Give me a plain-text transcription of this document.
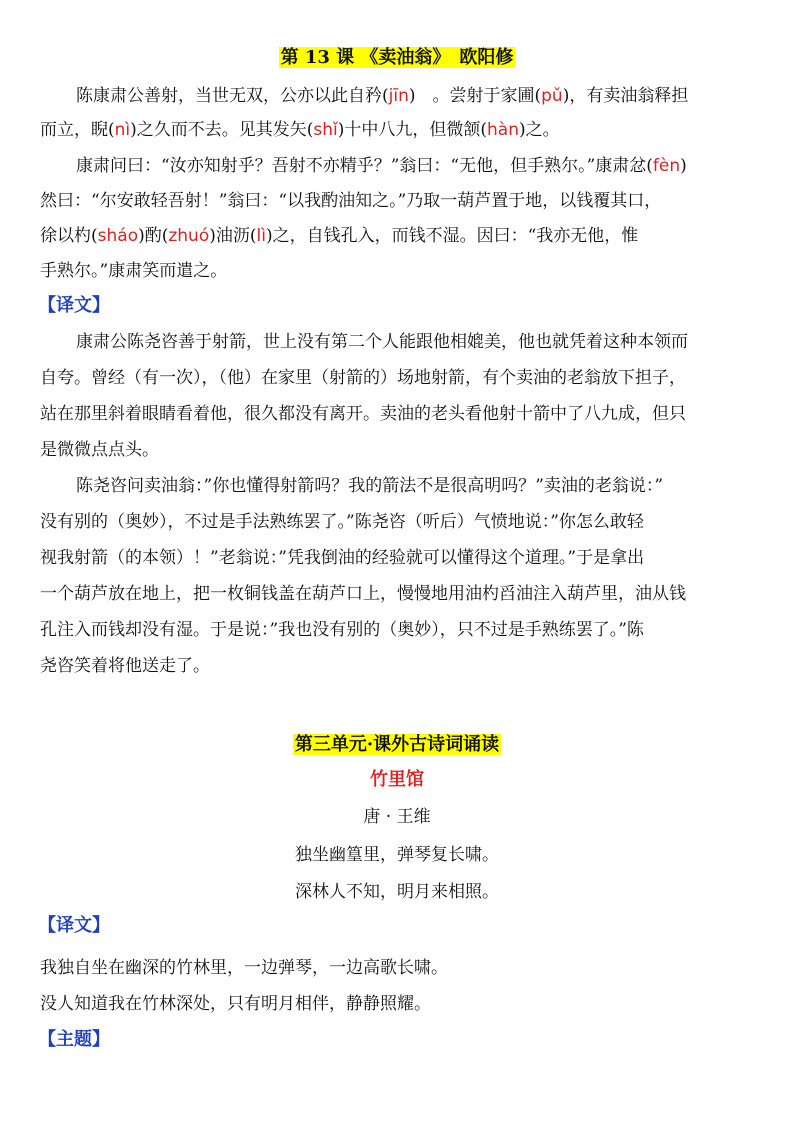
第 13 课 《卖油翁》　欧阳修
陈康肃公善射，当世无双，公亦以此自矜(jīn)　。尝射于家圃(pǔ)，有卖油翁释担
而立，睨(nì)之久而不去。见其发矢(shǐ)十中八九，但微颔(hàn)之。
康肃问曰：“汝亦知射乎？吾射不亦精乎？”翁曰：“无他，但手熟尔。”康肃忿(fèn)
然曰：“尔安敢轻吾射！”翁曰：“以我酌油知之。”乃取一葫芦置于地，以钱覆其口，
徐以杓(sháo)酌(zhuó)油沥(lì)之，自钱孔入，而钱不湿。因曰：“我亦无他，惟
手熟尔。”康肃笑而遣之。
【译文】
康肃公陈尧咨善于射箭，世上没有第二个人能跟他相媲美，他也就凭着这种本领而
自夸。曾经（有一次），（他）在家里（射箭的）场地射箭，有个卖油的老翁放下担子，
站在那里斜着眼睛看着他，很久都没有离开。卖油的老头看他射十箭中了八九成，但只
是微微点点头。
陈尧咨问卖油翁：”你也懂得射箭吗？我的箭法不是很高明吗？”卖油的老翁说：”
没有别的（奥妙），不过是手法熟练罢了。”陈尧咨（听后）气愤地说：”你怎么敢轻
视我射箭（的本领）！”老翁说：”凭我倒油的经验就可以懂得这个道理。”于是拿出
一个葫芦放在地上，把一枚铜钱盖在葫芦口上，慢慢地用油杓舀油注入葫芦里，油从钱
孔注入而钱却没有湿。于是说：”我也没有别的（奥妙），只不过是手熟练罢了。”陈
尧咨笑着将他送走了。
第三单元·课外古诗词诵读
竹里馆
唐 · 王维
独坐幽篁里，弹琴复长啸。
深林人不知，明月来相照。
【译文】
我独自坐在幽深的竹林里，一边弹琴，一边高歌长啸。
没人知道我在竹林深处，只有明月相伴，静静照耀。
【主题】
